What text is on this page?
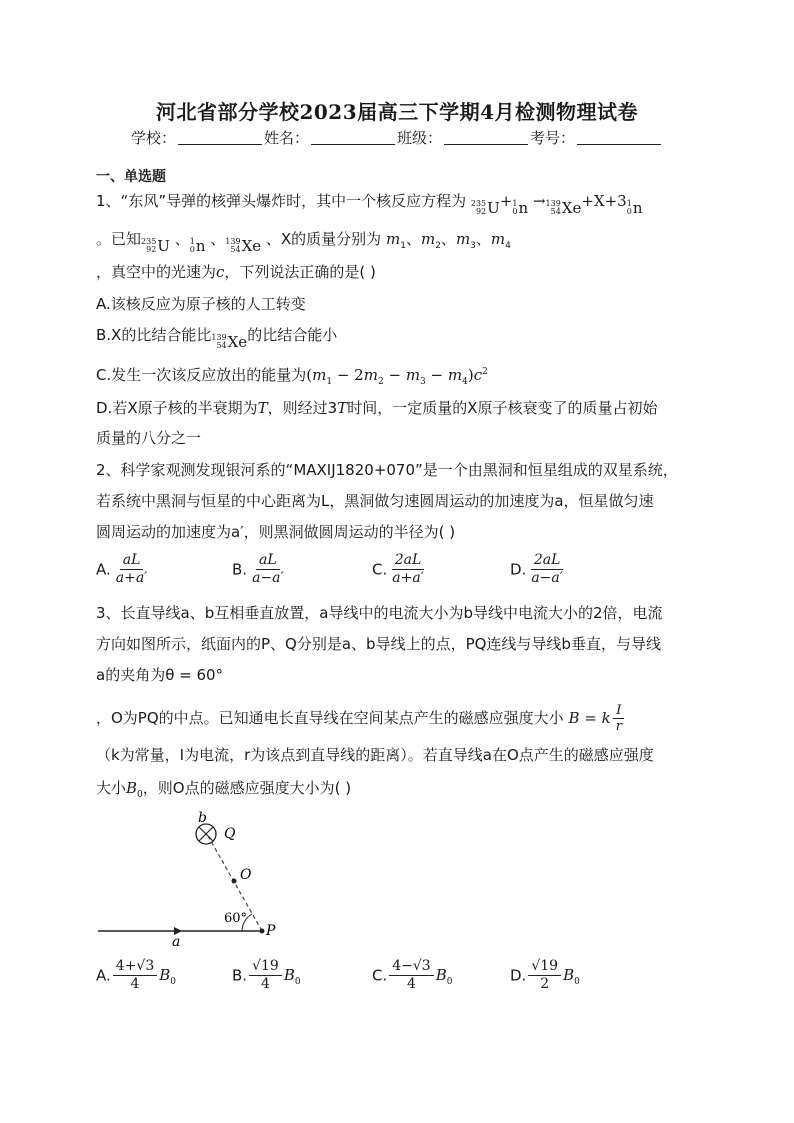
河北省部分学校2023届高三下学期4月检测物理试卷
学校：	姓名：	班级：	考号：
一、单选题
1、“东风”导弹的核弹头爆炸时，其中一个核反应方程为 235
92 U+ 1
0 n → 139
54 Xe+X+3 1
0 n
。已知 235
92 U 、 1
0 n 、 139
54 Xe 、X的质量分别为 $m_1$、$m_2$、$m_3$、$m_4$
，真空中的光速为c，下列说法正确的是( )
A.该核反应为原子核的人工转变
B.X的比结合能比 139
54 Xe的比结合能小
C.发生一次该反应放出的能量为$(m_1 - 2m_2 - m_3 - m_4)c^2$
D.若X原子核的半衰期为T，则经过3T时间，一定质量的X原子核衰变了的质量占初始
质量的八分之一
2、科学家观测发现银河系的“MAXIJ1820+070”是一个由黑洞和恒星组成的双星系统，
若系统中黑洞与恒星的中心距离为L，黑洞做匀速圆周运动的加速度为a，恒星做匀速
圆周运动的加速度为a′，则黑洞做圆周运动的半径为( )
A. $\frac{aL}{a+a'}$	B. $\frac{aL}{a-a'}$	C. $\frac{2aL}{a+a'}$	D. $\frac{2aL}{a-a'}$
3、长直导线a、b互相垂直放置，a导线中的电流大小为b导线中电流大小的2倍，电流
方向如图所示，纸面内的P、Q分别是a、b导线上的点，PQ连线与导线b垂直，与导线
a的夹角为θ = 60°
，O为PQ的中点。已知通电长直导线在空间某点产生的磁感应强度大小 B = k $\frac{I}{r}$
（k为常量，I为电流，r为该点到直导线的距离）。若直导线a在O点产生的磁感应强度
大小$B_0$，则O点的磁感应强度大小为( )
b
Q
O
60°
a
P
A. $\frac{4+√3}{4} B_0$	B. $\frac{√19}{4} B_0$	C. $\frac{4-√3}{4} B_0$	D. $\frac{√19}{2} B_0$
